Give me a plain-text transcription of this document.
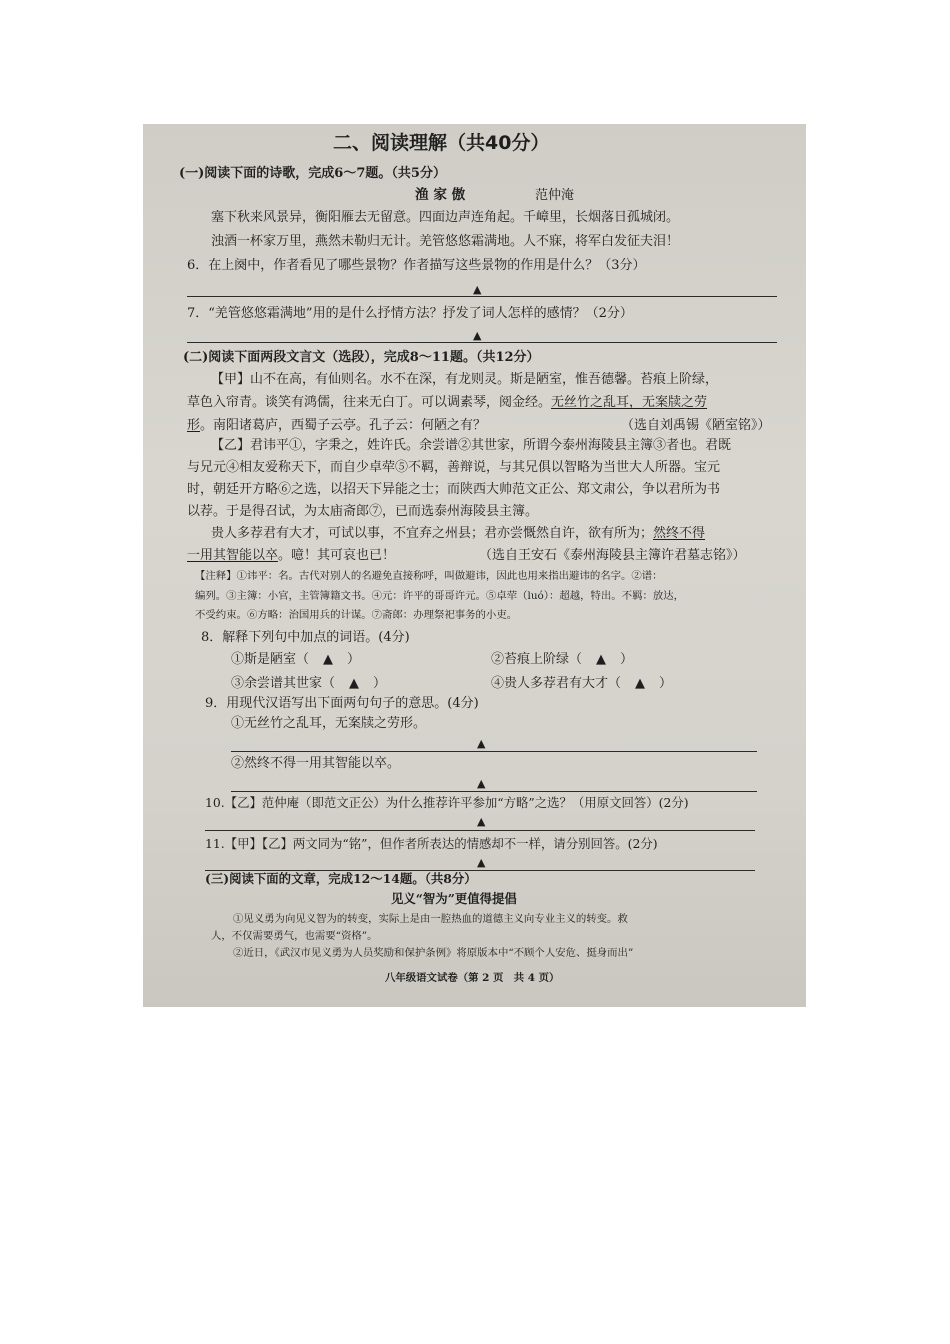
二、阅读理解（共40分）
(一)阅读下面的诗歌，完成6～7题。（共5分）
渔 家 傲	范仲淹
塞下秋来风景异，衡阳雁去无留意。四面边声连角起。千嶂里，长烟落日孤城闭。
浊酒一杯家万里，燕然未勒归无计。羌管悠悠霜满地。人不寐，将军白发征夫泪！
6．在上阕中，作者看见了哪些景物？作者描写这些景物的作用是什么？（3分）
▲
7．“羌管悠悠霜满地”用的是什么抒情方法？抒发了词人怎样的感情？（2分）
▲
(二)阅读下面两段文言文（选段），完成8～11题。（共12分）
【甲】山不在高，有仙则名。水不在深，有龙则灵。斯是陋室，惟吾德馨。苔痕上阶绿，
草色入帘青。谈笑有鸿儒，往来无白丁。可以调素琴，阅金经。无丝竹之乱耳，无案牍之劳
形。南阳诸葛庐，西蜀子云亭。孔子云：何陋之有？	（选自刘禹锡《陋室铭》）
【乙】君讳平①，字秉之，姓许氏。余尝谱②其世家，所谓今泰州海陵县主簿③者也。君既
与兄元④相友爱称天下，而自少卓荦⑤不羁，善辩说，与其兄俱以智略为当世大人所器。宝元
时，朝廷开方略⑥之选，以招天下异能之士；而陕西大帅范文正公、郑文肃公，争以君所为书
以荐。于是得召试，为太庙斋郎⑦，已而选泰州海陵县主簿。
贵人多荐君有大才，可试以事，不宜弃之州县；君亦尝慨然自许，欲有所为；然终不得
一用其智能以卒。噫！其可哀也已！	（选自王安石《泰州海陵县主簿许君墓志铭》）
【注释】①讳平：名。古代对别人的名避免直接称呼，叫做避讳，因此也用来指出避讳的名字。②谱：
编列。③主簿：小官，主管簿籍文书。④元：许平的哥哥许元。⑤卓荦（luó）：超越，特出。不羁：放达，
不受约束。⑥方略：治国用兵的计谋。⑦斋郎：办理祭祀事务的小吏。
8．解释下列句中加点的词语。(4分)
①斯是陋室（ ▲ ）	②苔痕上阶绿（ ▲ ）
③余尝谱其世家（ ▲ ）	④贵人多荐君有大才（ ▲ ）
9．用现代汉语写出下面两句句子的意思。(4分)
①无丝竹之乱耳，无案牍之劳形。
▲
②然终不得一用其智能以卒。
▲
10.【乙】范仲庵（即范文正公）为什么推荐许平参加“方略”之选？（用原文回答）(2分)
▲
11.【甲】【乙】两文同为“铭”，但作者所表达的情感却不一样，请分别回答。(2分)
▲
(三)阅读下面的文章，完成12～14题。（共8分）
见义“智为”更值得提倡
①见义勇为向见义智为的转变，实际上是由一腔热血的道德主义向专业主义的转变。救
人，不仅需要勇气，也需要“资格”。
②近日，《武汉市见义勇为人员奖励和保护条例》将原版本中“不顾个人安危、挺身而出”
八年级语文试卷（第 2 页　共 4 页）
